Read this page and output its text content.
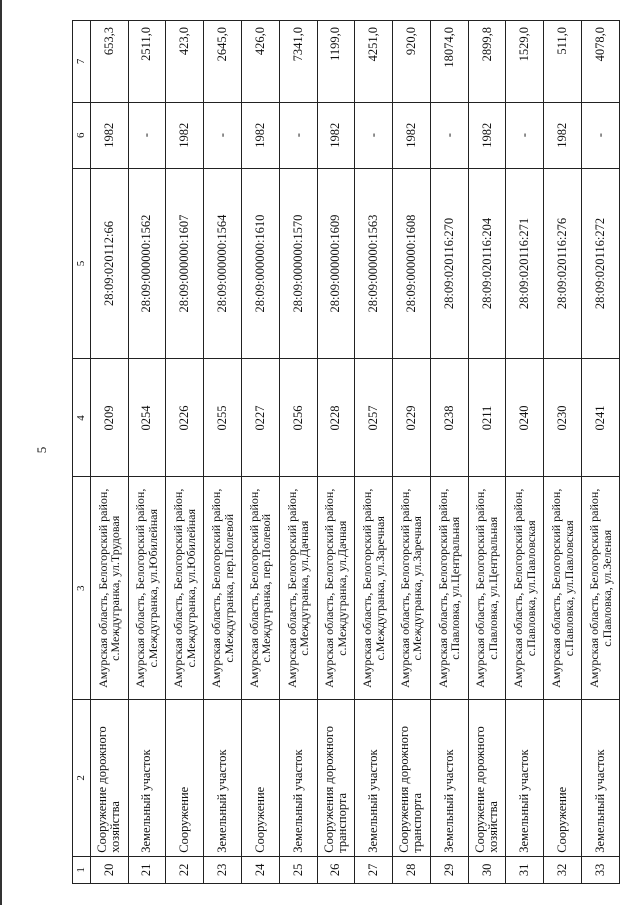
5
1	2	3	4	5	6	7
20	Сооружение дорожного хозяйства	Амурская область, Белогорский район, с.Междугранка, ул.Трудовая	0209	28:09:020112:66	1982	653,3
21	Земельный участок	Амурская область, Белогорский район, с.Междугранка, ул.Юбилейная	0254	28:09:000000:1562	-	2511,0
22	Сооружение	Амурская область, Белогорский район, с.Междугранка, ул.Юбилейная	0226	28:09:000000:1607	1982	423,0
23	Земельный участок	Амурская область, Белогорский район, с.Междугранка, пер.Полевой	0255	28:09:000000:1564	-	2645,0
24	Сооружение	Амурская область, Белогорский район, с.Междугранка, пер.Полевой	0227	28:09:000000:1610	1982	426,0
25	Земельный участок	Амурская область, Белогорский район, с.Междугранка, ул.Дачная	0256	28:09:000000:1570	-	7341,0
26	Сооружения дорожного транспорта	Амурская область, Белогорский район, с.Междугранка, ул.Дачная	0228	28:09:000000:1609	1982	1199,0
27	Земельный участок	Амурская область, Белогорский район, с.Междугранка, ул.Заречная	0257	28:09:000000:1563	-	4251,0
28	Сооружения дорожного транспорта	Амурская область, Белогорский район, с.Междугранка, ул.Заречная	0229	28:09:000000:1608	1982	920,0
29	Земельный участок	Амурская область, Белогорский район, с.Павловка, ул.Центральная	0238	28:09:020116:270	-	18074,0
30	Сооружение дорожного хозяйства	Амурская область, Белогорский район, с.Павловка, ул.Центральная	0211	28:09:020116:204	1982	2899,8
31	Земельный участок	Амурская область, Белогорский район, с.Павловка, ул.Павловская	0240	28:09:020116:271	-	1529,0
32	Сооружение	Амурская область, Белогорский район, с.Павловка, ул.Павловская	0230	28:09:020116:276	1982	511,0
33	Земельный участок	Амурская область, Белогорский район, с.Павловка, ул.Зеленая	0241	28:09:020116:272	-	4078,0
